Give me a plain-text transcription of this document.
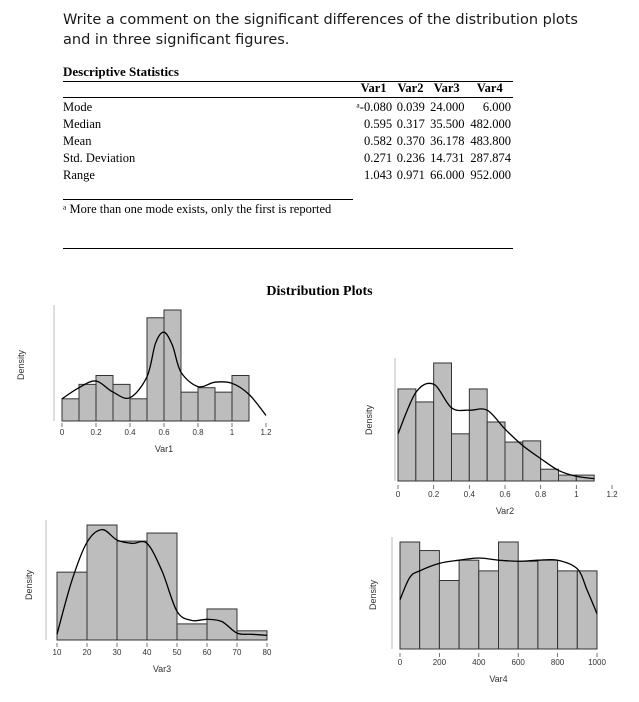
Write a comment on the significant differences of the distribution plots and in three significant figures.
Descriptive Statistics
	Var1	Var2	Var3	Var4

Mode	ᵃ-0.080	0.039	24.000	6.000
Median	0.595	0.317	35.500	482.000
Mean	0.582	0.370	36.178	483.800
Std. Deviation	0.271	0.236	14.731	287.874
Range	1.043	0.971	66.000	952.000
ᵃ More than one mode exists, only the first is reported
Distribution Plots
0	0.2	0.4	0.6	0.8	1	1.2
Var1
Density
0	0.2	0.4	0.6	0.8	1	1.2
Var2
Density
10	20	30	40	50	60	70	80
Var3
Density
0	200	400	600	800	1000
Var4
Density
